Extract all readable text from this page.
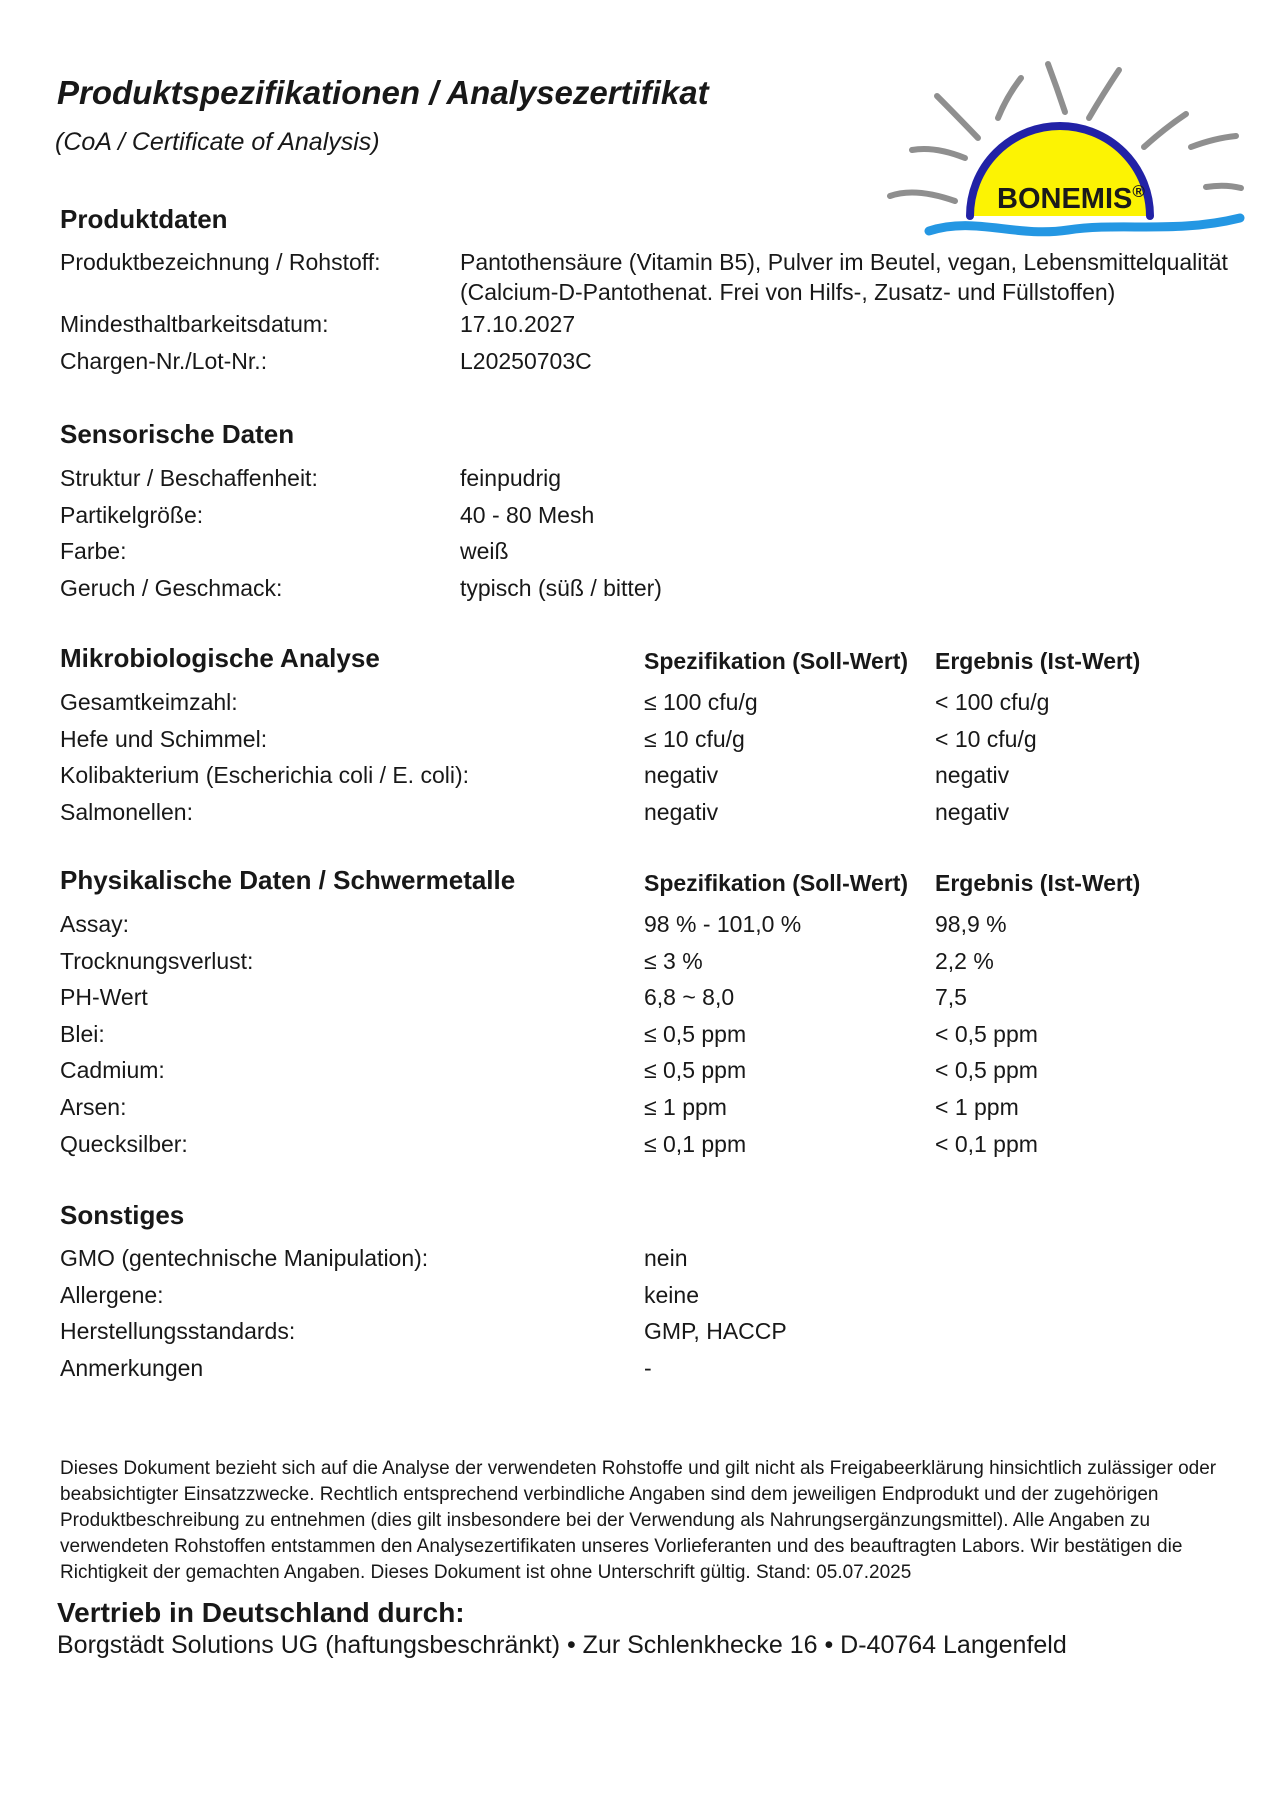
Produktspezifikationen / Analysezertifikat
(CoA / Certificate of Analysis)
BONEMIS®
Produktdaten
Produktbezeichnung / Rohstoff:	Pantothensäure (Vitamin B5), Pulver im Beutel, vegan, Lebensmittelqualität (Calcium-D-Pantothenat. Frei von Hilfs-, Zusatz- und Füllstoffen)
Mindesthaltbarkeitsdatum:	17.10.2027
Chargen-Nr./Lot-Nr.:	L20250703C
Sensorische Daten
Struktur / Beschaffenheit:	feinpudrig
Partikelgröße:	40 - 80 Mesh
Farbe:	weiß
Geruch / Geschmack:	typisch (süß / bitter)
Mikrobiologische Analyse	Spezifikation (Soll-Wert) Ergebnis (Ist-Wert)
Gesamtkeimzahl:	≤ 100 cfu/g	< 100 cfu/g
Hefe und Schimmel:	≤ 10 cfu/g	< 10 cfu/g
Kolibakterium (Escherichia coli / E. coli):	negativ	negativ
Salmonellen:	negativ	negativ
Physikalische Daten / Schwermetalle	Spezifikation (Soll-Wert) Ergebnis (Ist-Wert)
Assay:	98 % - 101,0 %	98,9 %
Trocknungsverlust:	≤ 3 %	2,2 %
PH-Wert	6,8 ~ 8,0	7,5
Blei:	≤ 0,5 ppm	< 0,5 ppm
Cadmium:	≤ 0,5 ppm	< 0,5 ppm
Arsen:	≤ 1 ppm	< 1 ppm
Quecksilber:	≤ 0,1 ppm	< 0,1 ppm
Sonstiges
GMO (gentechnische Manipulation):	nein
Allergene:	keine
Herstellungsstandards:	GMP, HACCP
Anmerkungen	-
Dieses Dokument bezieht sich auf die Analyse der verwendeten Rohstoffe und gilt nicht als Freigabeerklärung hinsichtlich zulässiger oder beabsichtigter Einsatzzwecke. Rechtlich entsprechend verbindliche Angaben sind dem jeweiligen Endprodukt und der zugehörigen Produktbeschreibung zu entnehmen (dies gilt insbesondere bei der Verwendung als Nahrungsergänzungsmittel). Alle Angaben zu verwendeten Rohstoffen entstammen den Analysezertifikaten unseres Vorlieferanten und des beauftragten Labors. Wir bestätigen die Richtigkeit der gemachten Angaben. Dieses Dokument ist ohne Unterschrift gültig. Stand: 05.07.2025
Vertrieb in Deutschland durch:
Borgstädt Solutions UG (haftungsbeschränkt) • Zur Schlenkhecke 16 • D-40764 Langenfeld
